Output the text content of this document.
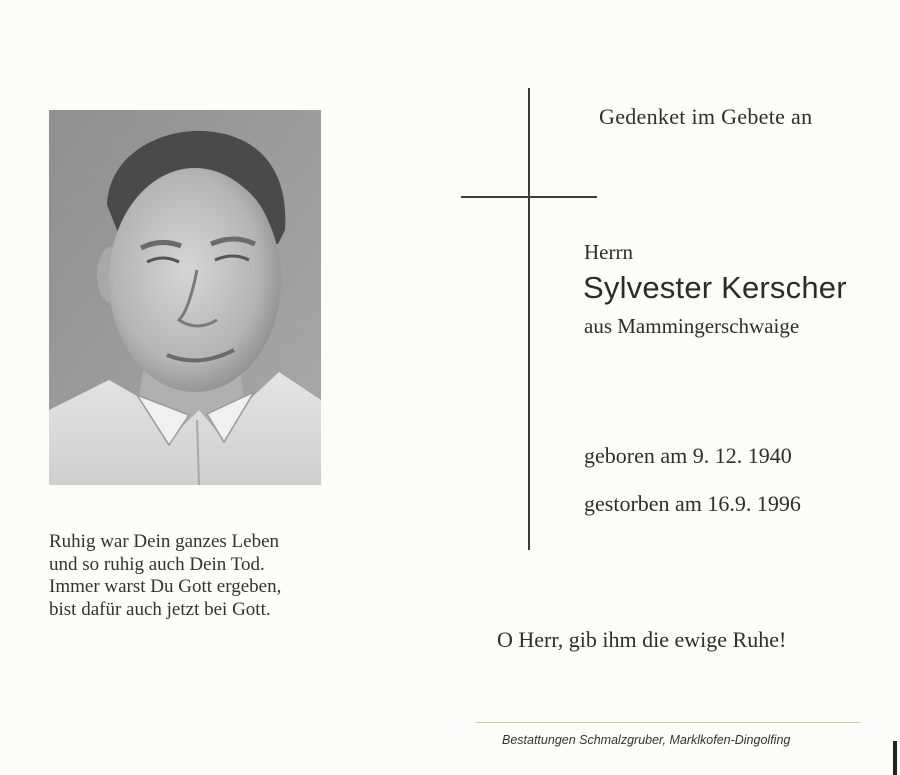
Ruhig war Dein ganzes Leben
und so ruhig auch Dein Tod.
Immer warst Du Gott ergeben,
bist dafür auch jetzt bei Gott.
Gedenket im Gebete an
Herrn
Sylvester Kerscher
aus Mammingerschwaige
geboren am 9. 12. 1940
gestorben am 16.9. 1996
O Herr, gib ihm die ewige Ruhe!
Bestattungen Schmalzgruber, Marklkofen-Dingolfing
